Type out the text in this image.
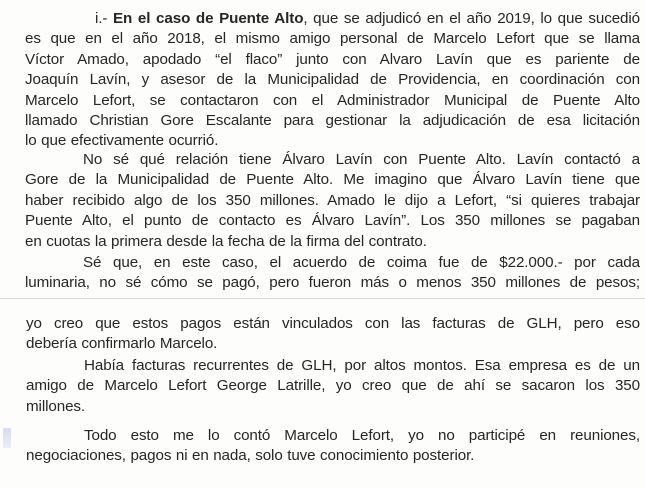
i.- En el caso de Puente Alto, que se adjudicó en el año 2019, lo que sucedió
es que en el año 2018, el mismo amigo personal de Marcelo Lefort que se llama
Víctor Amado, apodado “el flaco” junto con Alvaro Lavín que es pariente de
Joaquín Lavín, y asesor de la Municipalidad de Providencia, en coordinación con
Marcelo Lefort, se contactaron con el Administrador Municipal de Puente Alto
llamado Christian Gore Escalante para gestionar la adjudicación de esa licitación
lo que efectivamente ocurrió.
No sé qué relación tiene Álvaro Lavín con Puente Alto. Lavín contactó a
Gore de la Municipalidad de Puente Alto. Me imagino que Álvaro Lavín tiene que
haber recibido algo de los 350 millones. Amado le dijo a Lefort, “si quieres trabajar
Puente Alto, el punto de contacto es Álvaro Lavín”. Los 350 millones se pagaban
en cuotas la primera desde la fecha de la firma del contrato.
Sé que, en este caso, el acuerdo de coima fue de $22.000.- por cada
luminaria, no sé cómo se pagó, pero fueron más o menos 350 millones de pesos;
yo creo que estos pagos están vinculados con las facturas de GLH, pero eso
debería confirmarlo Marcelo.
Había facturas recurrentes de GLH, por altos montos. Esa empresa es de un
amigo de Marcelo Lefort George Latrille, yo creo que de ahí se sacaron los 350
millones.
Todo esto me lo contó Marcelo Lefort, yo no participé en reuniones,
negociaciones, pagos ni en nada, solo tuve conocimiento posterior.
